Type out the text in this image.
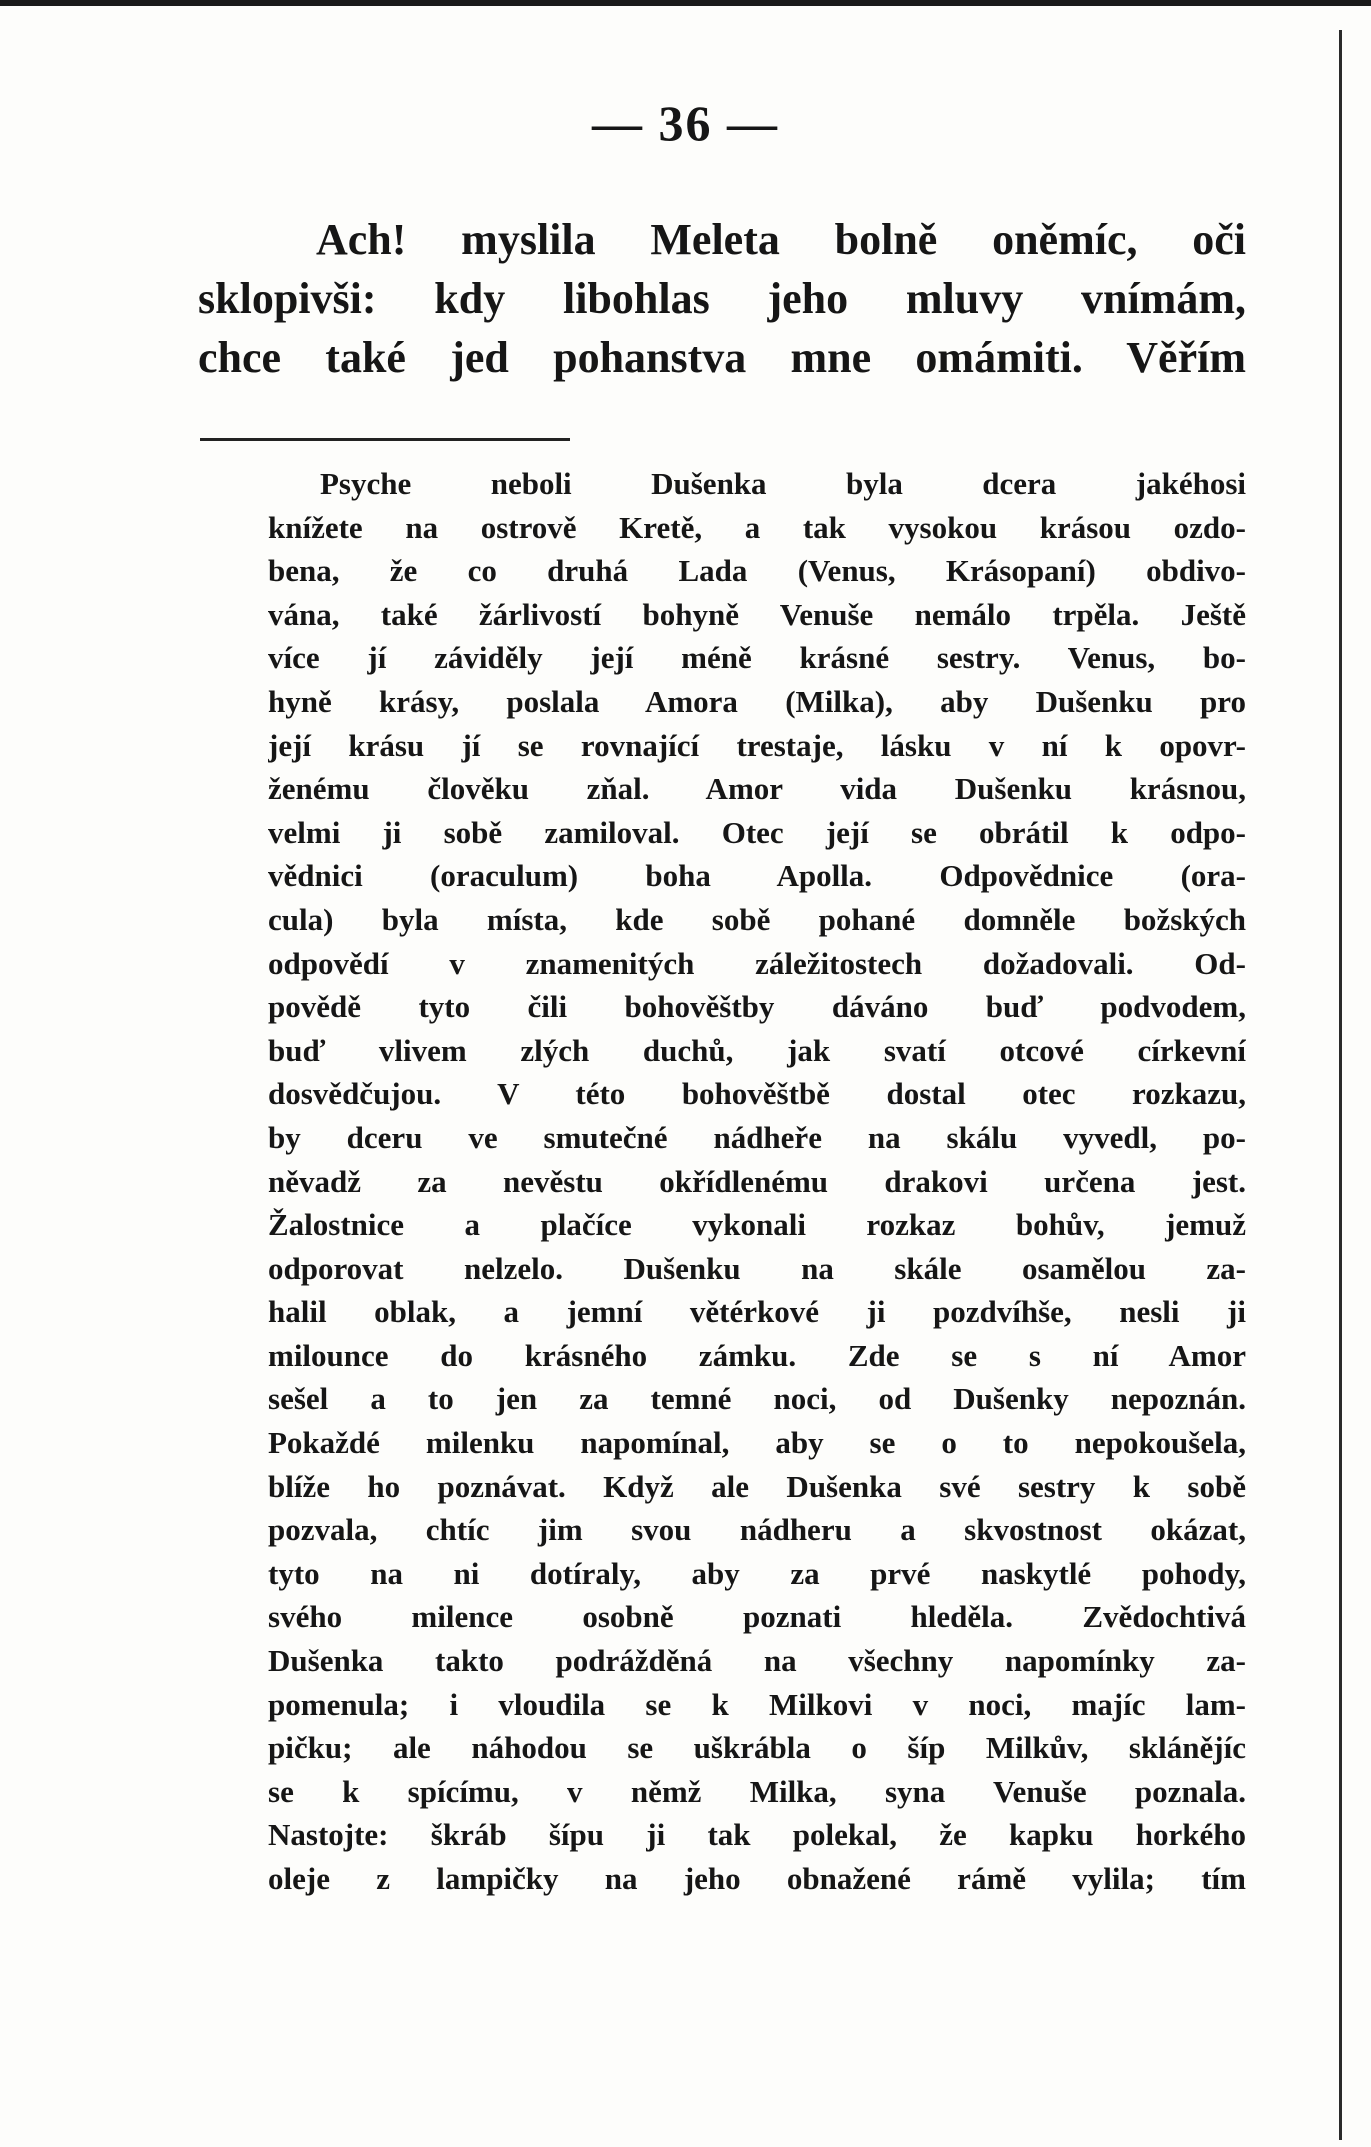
— 36 —
Ach! myslila Meleta bolně oněmíc, oči
sklopivši: kdy libohlas jeho mluvy vnímám,
chce také jed pohanstva mne omámiti. Věřím
Psyche neboli Dušenka byla dcera jakéhosi
knížete na ostrově Kretě, a tak vysokou krásou ozdo-
bena, že co druhá Lada (Venus, Krásopaní) obdivo-
vána, také žárlivostí bohyně Venuše nemálo trpěla. Ještě
více jí záviděly její méně krásné sestry. Venus, bo-
hyně krásy, poslala Amora (Milka), aby Dušenku pro
její krásu jí se rovnající trestaje, lásku v ní k opovr-
ženému člověku zňal. Amor vida Dušenku krásnou,
velmi ji sobě zamiloval. Otec její se obrátil k odpo-
vědnici (oraculum) boha Apolla. Odpovědnice (ora-
cula) byla místa, kde sobě pohané domněle božských
odpovědí v znamenitých záležitostech dožadovali. Od-
povědě tyto čili bohověštby dáváno buď podvodem,
buď vlivem zlých duchů, jak svatí otcové církevní
dosvědčujou. V této bohověštbě dostal otec rozkazu,
by dceru ve smutečné nádheře na skálu vyvedl, po-
něvadž za nevěstu okřídlenému drakovi určena jest.
Žalostnice a plačíce vykonali rozkaz bohův, jemuž
odporovat nelzelo. Dušenku na skále osamělou za-
halil oblak, a jemní větérkové ji pozdvíhše, nesli ji
milounce do krásného zámku. Zde se s ní Amor
sešel a to jen za temné noci, od Dušenky nepoznán.
Pokaždé milenku napomínal, aby se o to nepokoušela,
blíže ho poznávat. Když ale Dušenka své sestry k sobě
pozvala, chtíc jim svou nádheru a skvostnost okázat,
tyto na ni dotíraly, aby za prvé naskytlé pohody,
svého milence osobně poznati hleděla. Zvědochtivá
Dušenka takto podrážděná na všechny napomínky za-
pomenula; i vloudila se k Milkovi v noci, majíc lam-
pičku; ale náhodou se uškrábla o šíp Milkův, sklánějíc
se k spícímu, v němž Milka, syna Venuše poznala.
Nastojte: škráb šípu ji tak polekal, že kapku horkého
oleje z lampičky na jeho obnažené rámě vylila; tím
